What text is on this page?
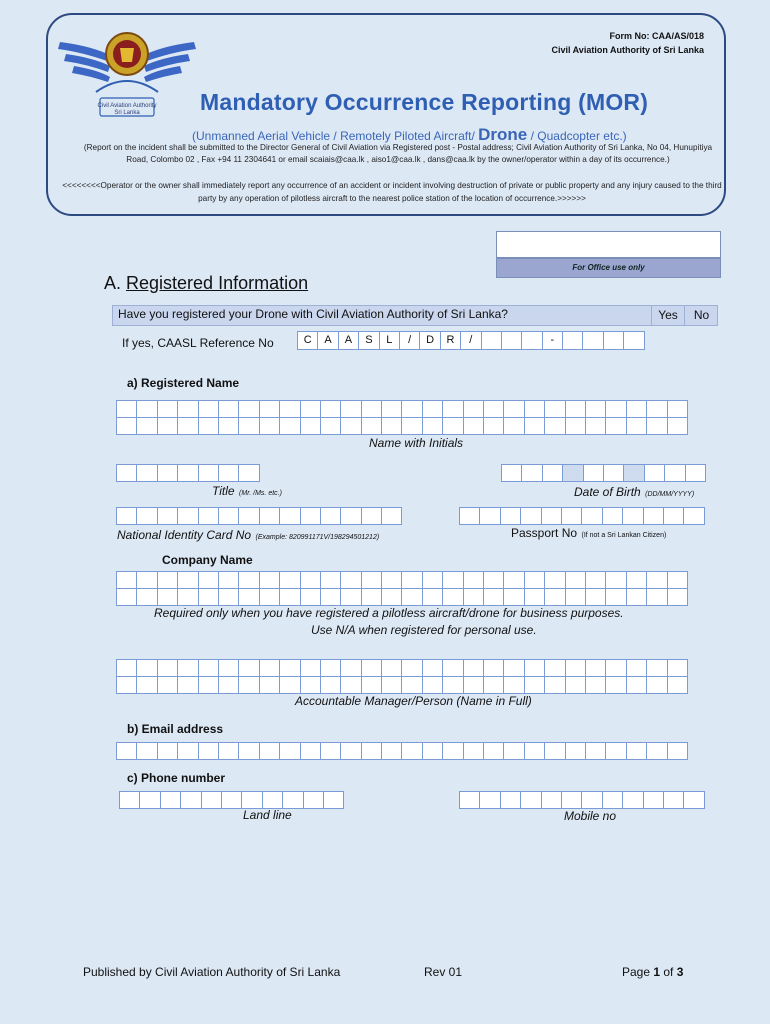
Civil Aviation Authority
Sri Lanka
Form No: CAA/AS/018
Civil Aviation Authority of Sri Lanka
Mandatory Occurrence Reporting (MOR)
(Unmanned Aerial Vehicle / Remotely Piloted Aircraft/ Drone / Quadcopter etc.)
(Report on the incident shall be submitted to the Director General of Civil Aviation via Registered post - Postal address; Civil Aviation Authority of Sri Lanka, No 04, Hunupitiya Road, Colombo 02 , Fax +94 11 2304641 or email scaiais@caa.lk , aiso1@caa.lk , dans@caa.lk by the owner/operator within a day of its occurrence.)
<<<<<<<<Operator or the owner shall immediately report any occurrence of an accident or incident involving destruction of private or public property and any injury caused to the third party by any operation of pilotless aircraft to the nearest police station of the location of occurrence.>>>>>>
For Office use only
A. Registered Information
Have you registered your Drone with Civil Aviation Authority of Sri Lanka?	Yes	No
If yes, CAASL Reference No	C	A	A	S	L	/	D	R	/	-
a) Registered Name
Name with Initials
Title (Mr. /Ms. etc.)	Date of Birth (DD/MM/YYYY)
National Identity Card No (Example: 820991171V/198294501212)	Passport No (If not a Sri Lankan Citizen)
Company Name
Required only when you have registered a pilotless aircraft/drone for business purposes.
Use N/A when registered for personal use.
Accountable Manager/Person (Name in Full)
b) Email address
c) Phone number
Land line	Mobile no
Published by Civil Aviation Authority of Sri Lanka	Rev 01	Page 1 of 3
